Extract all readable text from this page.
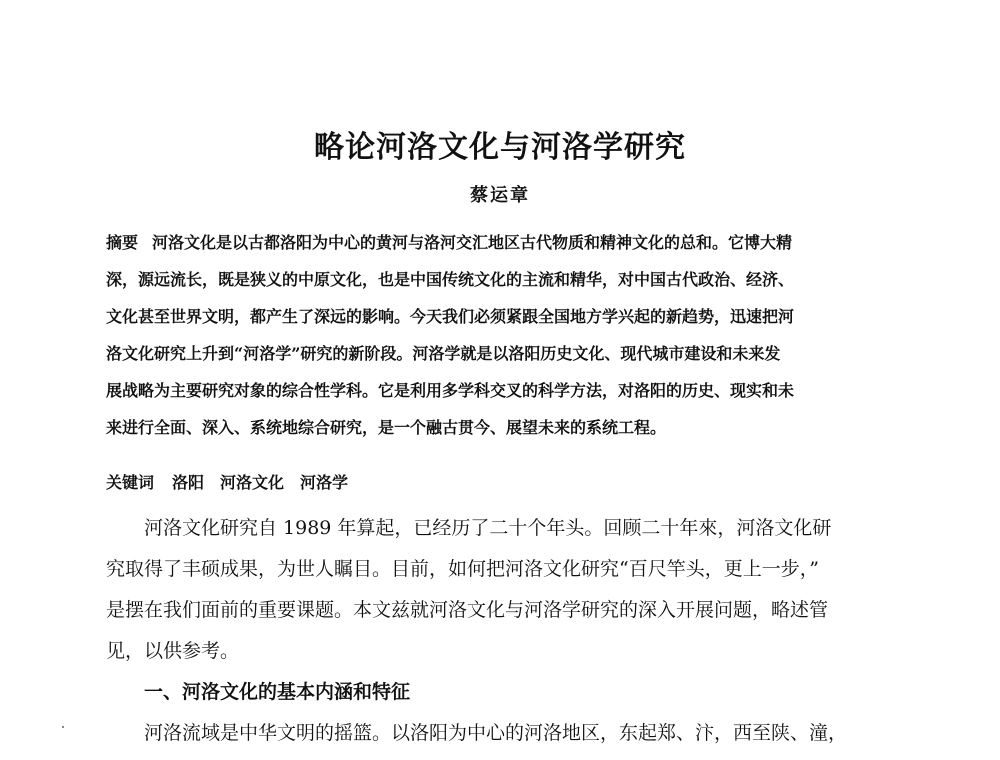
略论河洛文化与河洛学研究
蔡运章
摘要 河洛文化是以古都洛阳为中心的黄河与洛河交汇地区古代物质和精神文化的总和。它博大精
深，源远流长，既是狭义的中原文化，也是中国传统文化的主流和精华，对中国古代政治、经济、
文化甚至世界文明，都产生了深远的影响。今天我们必须紧跟全国地方学兴起的新趋势，迅速把河
洛文化研究上升到“河洛学”研究的新阶段。河洛学就是以洛阳历史文化、现代城市建设和未来发
展战略为主要研究对象的综合性学科。它是利用多学科交叉的科学方法，对洛阳的历史、现实和未
来进行全面、深入、系统地综合研究，是一个融古贯今、展望未来的系统工程。
关键词 洛阳 河洛文化 河洛学
河洛文化研究自 1989 年算起，已经历了二十个年头。回顾二十年來，河洛文化研
究取得了丰硕成果，为世人瞩目。目前，如何把河洛文化研究“百尺竿头，更上一步，”
是摆在我们面前的重要课题。本文兹就河洛文化与河洛学研究的深入开展问题，略述管
见，以供参考。
一、河洛文化的基本内涵和特征
河洛流域是中华文明的摇篮。以洛阳为中心的河洛地区，东起郑、汴，西至陕、潼，
